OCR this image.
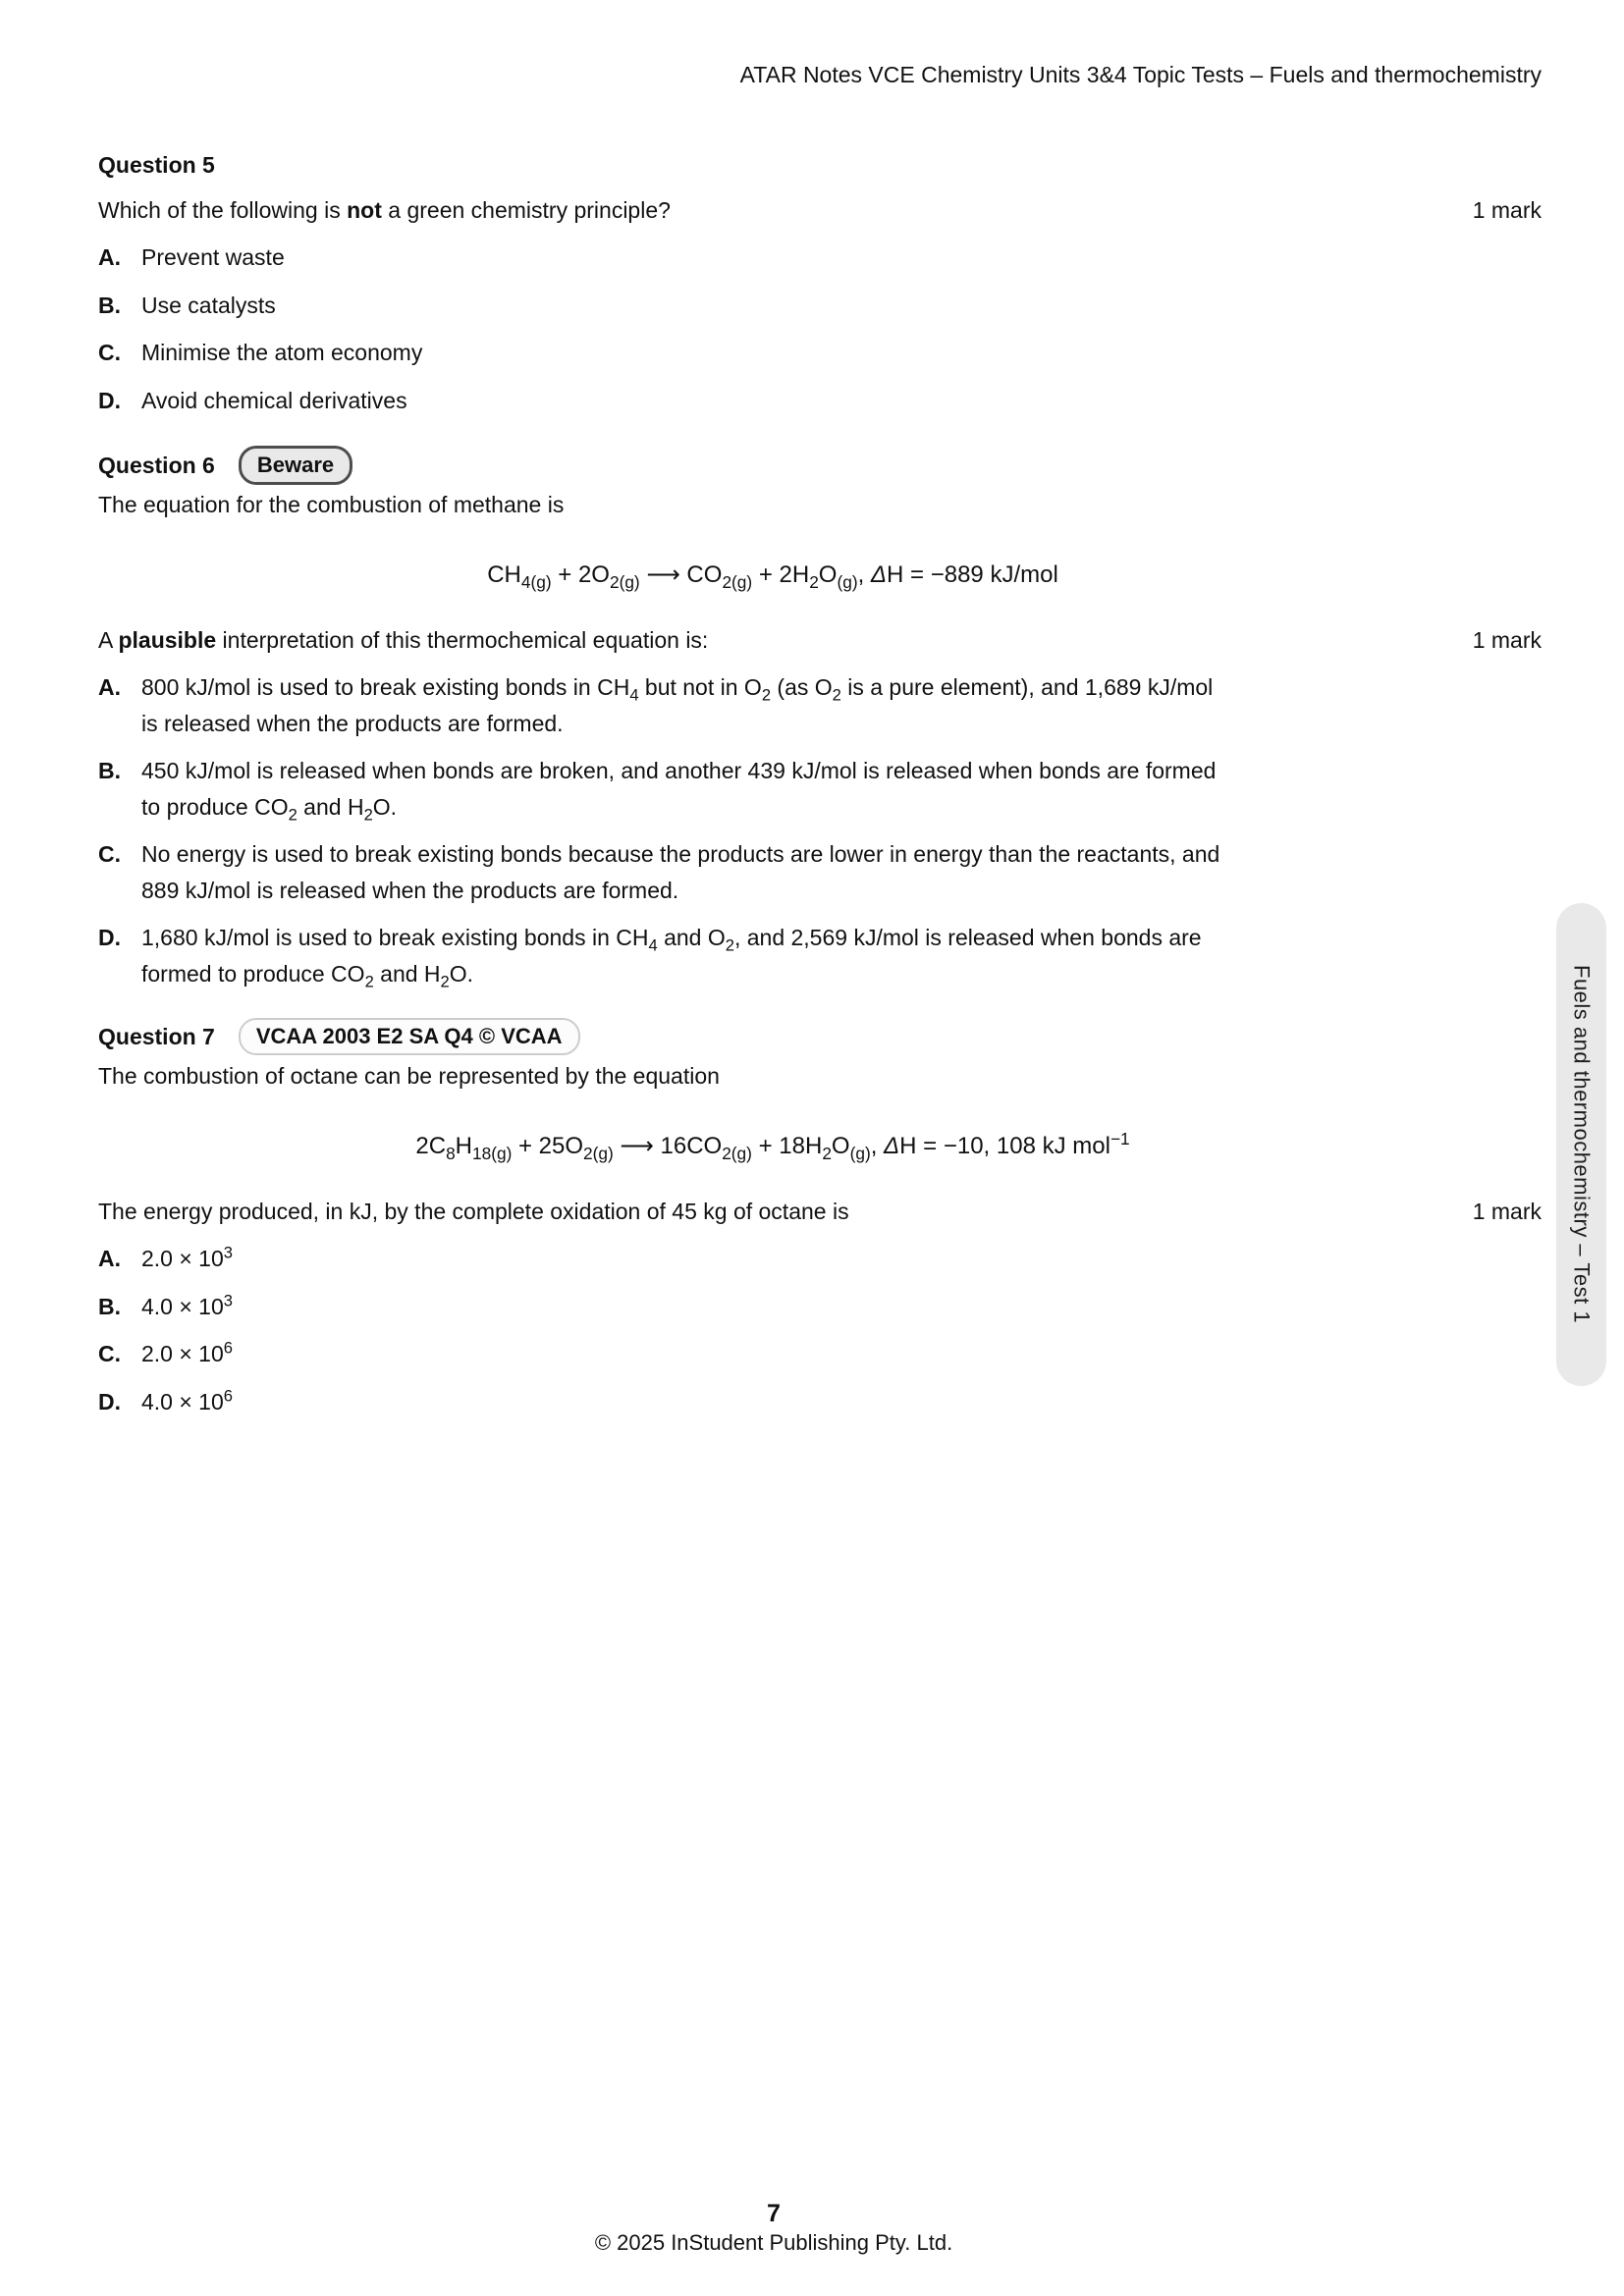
ATAR Notes VCE Chemistry Units 3&4 Topic Tests – Fuels and thermochemistry
Question 5
Which of the following is not a green chemistry principle?	1 mark
A. Prevent waste
B. Use catalysts
C. Minimise the atom economy
D. Avoid chemical derivatives
Question 6	Beware
The equation for the combustion of methane is
$CH_{4(g)} + 2O_{2(g)}$ ⟶ $CO_{2(g)} + 2H_2O_{(g)}$, ΔH = −889 kJ/mol
A plausible interpretation of this thermochemical equation is:	1 mark
A. 800 kJ/mol is used to break existing bonds in $CH_4$ but not in $O_2$ (as $O_2$ is a pure element), and 1,689 kJ/mol
is released when the products are formed.
B. 450 kJ/mol is released when bonds are broken, and another 439 kJ/mol is released when bonds are formed
to produce $CO_2$ and $H_2O$.
C. No energy is used to break existing bonds because the products are lower in energy than the reactants, and
889 kJ/mol is released when the products are formed.
D. 1,680 kJ/mol is used to break existing bonds in $CH_4$ and $O_2$, and 2,569 kJ/mol is released when bonds are
formed to produce $CO_2$ and $H_2O$.
Question 7	VCAA 2003 E2 SA Q4 © VCAA
The combustion of octane can be represented by the equation
$2C_8H_{18(g)} + 25O_{2(g)}$ ⟶ $16CO_{2(g)} + 18H_2O_{(g)}$, ΔH = −10, 108 kJ mol$^{-1}$
The energy produced, in kJ, by the complete oxidation of 45 kg of octane is	1 mark
A. $2.0 \times 10^3$
B. $4.0 \times 10^3$
C. $2.0 \times 10^6$
D. $4.0 \times 10^6$
Fuels and thermochemistry – Test 1
7
© 2025 InStudent Publishing Pty. Ltd.
